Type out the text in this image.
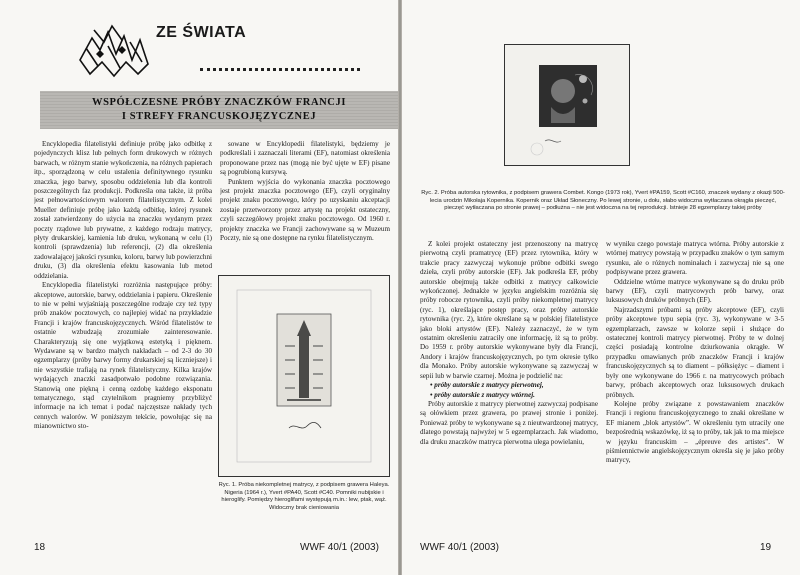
ZE ŚWIATA
WSPÓŁCZESNE PRÓBY ZNACZKÓW FRANCJI
I STREFY FRANCUSKOJĘZYCZNEJ

Encyklopedia filatelistyki definiuje próbę jako odbitkę z pojedynczych klisz lub pełnych form drukowych w różnych barwach, w różnym stanie wykończenia, na różnych papierach itp., sporządzoną w celu ustalenia definitywnego rysunku znaczka, jego barwy, sposobu oddzielenia lub dla kontroli poszczególnych faz produkcji. Podkreśla ona także, iż próba jest pełnowartościowym walorem filatelistycznym. Z kolei Mueller definiuje próbę jako każdą odbitkę, której rysunek został zatwierdzony do użycia na znaczku wydanym przez poczty rządowe lub prywatne, z każdego rodzaju matrycy, płyty drukarskiej, kamienia lub druku, wykonaną w celu (1) kontroli (sprawdzenia) lub referencji, (2) dla określenia zadowalającej jakości rysunku, koloru, barwy lub powierzchni druku, (3) dla określenia efektu kasowania lub metod oddzielania.

Encyklopedia filatelistyki rozróżnia następujące próby: akceptowe, autorskie, barwy, oddzielania i papieru. Określenie to nie w pełni wyjaśniają poszczególne rodzaje czy też typy prób znaków pocztowych, co najlepiej widać na przykładzie Francji i krajów francuskojęzycznych. Wśród filatelistów te ostatnie wzbudzają zrozumiałe zainteresowanie. Charakteryzują się one wyjątkową estetyką i pięknem. Wydawane są w bardzo małych nakładach – od 2-3 do 30 egzemplarzy (próby barwy formy drukarskiej są liczniejsze) i nie wszystkie trafiają na rynek filatelistyczny. Kilka krajów wydających znaczki zasadpotwało podobne rozwiązania. Stanowią one piękną i cenną ozdobę każdego eksponatu tematycznego, stąd czytelnikom pragniemy przybliżyć informacje na ich temat i podać najczęstsze nakłady tych cennych walorów. W poniższym tekście, powołując się na mianownictwo sto-

sowane w Encyklopedii filatelistyki, będziemy je podkreślali i zaznaczali literami (EF), natomiast określenia proponowane przez nas (mogą nie być ujęte w EF) pisane są pogrubioną kursywą.

Punktem wyjścia do wykonania znaczka pocztowego jest projekt znaczka pocztowego (EF), czyli oryginalny projekt znaku pocztowego, który po uzyskaniu akceptacji zostaje przetworzony przez artystę na projekt ostateczny, czyli szczegółowy projekt znaku pocztowego. Od 1960 r. projekty znaczka we Francji zachowywane są w Muzeum Poczty, nie są one dostępne na rynku filatelistycznym.

Ryc. 1. Próba niekompletnej matrycy, z podpisem grawera Haleya. Nigeria (1964 r.), Yvert #PA40, Scott #C40. Pomniki nubijskie i hieroglify. Pomiędzy hieroglifami występują m.in.: lew, ptak, wąż. Widoczny brak cieniowania
18	WWF 40/1 (2003)
Ryc. 2. Próba autorska rytownika, z podpisem grawera Combet. Kongo (1973 rok), Yvert #PA159, Scott #C160, znaczek wydany z okazji 500-lecia urodzin Mikołaja Kopernika. Kopernik oraz Układ Słoneczny. Po lewej stronie, u dołu, słabo widoczna wytłaczana okrągła pieczęć, pieczęć wytłaczana po stronie prawej – podłużna – nie jest widoczna na tej reprodukcji. Istnieje 28 egzemplarzy takiej próby

Z kolei projekt ostateczny jest przenoszony na matrycę pierwotną czyli pramatrycę (EF) przez rytownika, który w trakcie pracy zazwyczaj wykonuje próbne odbitki swego dzieła, czyli próby autorskie (EF). Jak podkreśla EF, próby autorskie obejmują także odbitki z matrycy całkowicie wykończonej. Jednakże w języku angielskim rozróżnia się próby robocze rytownika, czyli próby niekompletnej matrycy (ryc. 1), określające postęp pracy, oraz próby autorskie rytownika (ryc. 2), które określane są w polskiej filatelistyce jako bloki artystów (EF). Należy zaznaczyć, że w tym ostatnim określeniu zatraciły one informację, iż są to próby. Do 1959 r. próby autorskie wykonywane były dla Francji, Andory i krajów francuskojęzycznych, po tym okresie tylko dla Monako. Próby autorskie wykonywane są zazwyczaj w sepii lub w barwie czarnej. Można je podzielić na:

• próby autorskie z matrycy pierwotnej,

• próby autorskie z matrycy wtórnej.

Próby autorskie z matrycy pierwotnej zazwyczaj podpisane są ołówkiem przez grawera, po prawej stronie i poniżej. Ponieważ próby te wykonywane są z nieutwardzonej matrycy, dlatego powstają najwyżej w 5 egzemplarzach. Jak wiadomo, dla druku znaczków matryca pierwotna ulega powielaniu,

w wyniku czego powstaje matryca wtórna. Próby autorskie z wtórnej matrycy powstają w przypadku znaków o tym samym rysunku, ale o różnych nominałach i zazwyczaj nie są one podpisywane przez grawera.

Oddzielne wtórne matryce wykonywane są do druku prób barwy (EF), czyli matrycowych prób barwy, oraz luksusowych druków próbnych (EF).

Najrzadszymi próbami są próby akceptowe (EF), czyli próby akceptowe typu sepia (ryc. 3), wykonywane w 3-5 egzemplarzach, zawsze w kolorze sepii i służące do ostatecznej kontroli matrycy pierwotnej. Próby te w dolnej części posiadają kontrolne dziurkowania okrągłe. W przypadku omawianych prób znaczków Francji i krajów francuskojęzycznych są to diament – półksiężyc – diament i były one wykonywane do 1966 r. na matrycowych próbach barwy, próbach akceptowych oraz luksusowych drukach próbnych.

Kolejne próby związane z powstawaniem znaczków Francji i regionu francuskojęzycznego to znaki określane w EF mianem „blok artystów”. W określeniu tym utracily one bezpośrednią wskazówkę, iż są to próby, tak jak to ma miejsce w języku francuskim – „épreuve des artistes”. W piśmiennictwie angielskojęzycznym określa się je jako próby matrycy,

WWF 40/1 (2003)	19
